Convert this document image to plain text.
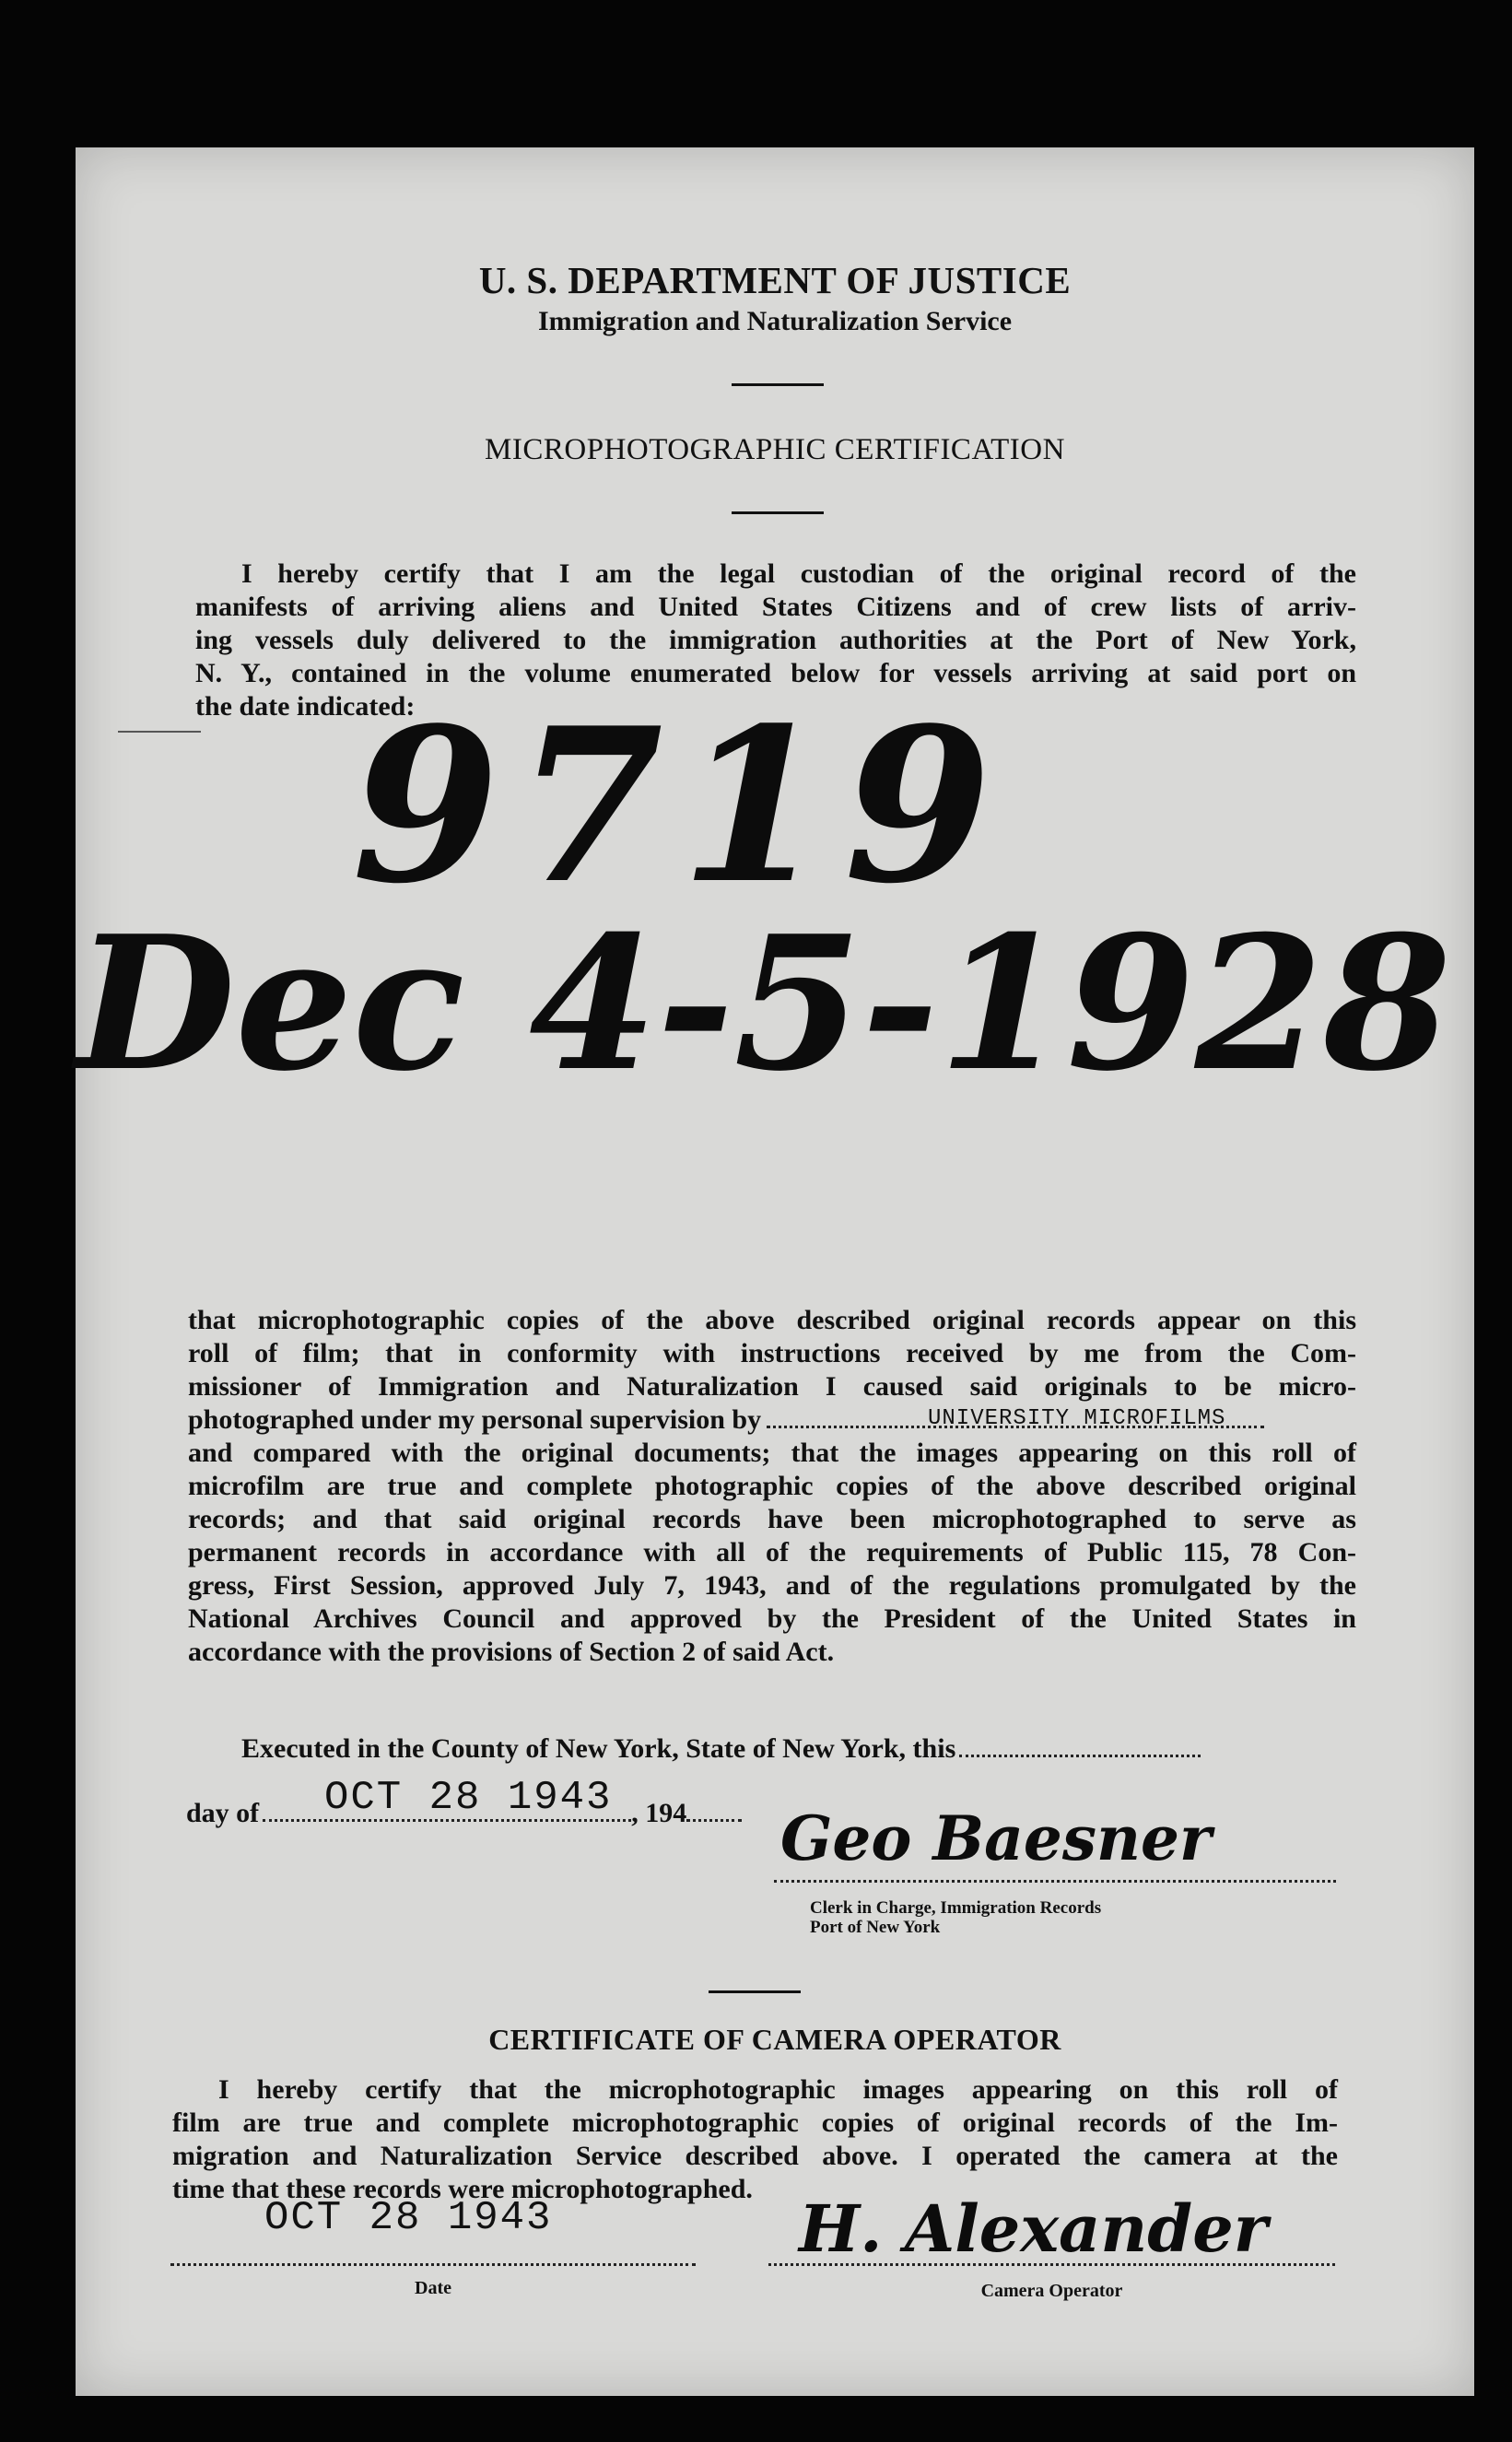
U. S. DEPARTMENT OF JUSTICE
Immigration and Naturalization Service
MICROPHOTOGRAPHIC CERTIFICATION
I hereby certify that I am the legal custodian of the original record of the
manifests of arriving aliens and United States Citizens and of crew lists of arriv-
ing vessels duly delivered to the immigration authorities at the Port of New York,
N. Y., contained in the volume enumerated below for vessels arriving at said port on
the date indicated:
9719
Dec 4-5-1928
that microphotographic copies of the above described original records appear on this
roll of film; that in conformity with instructions received by me from the Com-
missioner of Immigration and Naturalization I caused said originals to be micro-
photographed under my personal supervision by
and compared with the original documents; that the images appearing on this roll of
microfilm are true and complete photographic copies of the above described original
records; and that said original records have been microphotographed to serve as
permanent records in accordance with all of the requirements of Public 115, 78 Con-
gress, First Session, approved July 7, 1943, and of the regulations promulgated by the
National Archives Council and approved by the President of the United States in
accordance with the provisions of Section 2 of said Act.
UNIVERSITY MICROFILMS
Executed in the County of New York, State of New York, this
day of	, 194
OCT 28 1943
Geo Baesner
Clerk in Charge, Immigration Records
Port of New York
CERTIFICATE OF CAMERA OPERATOR
I hereby certify that the microphotographic images appearing on this roll of
film are true and complete microphotographic copies of original records of the Im-
migration and Naturalization Service described above. I operated the camera at the
time that these records were microphotographed.
OCT 28 1943
Date
H. Alexander
Camera Operator
